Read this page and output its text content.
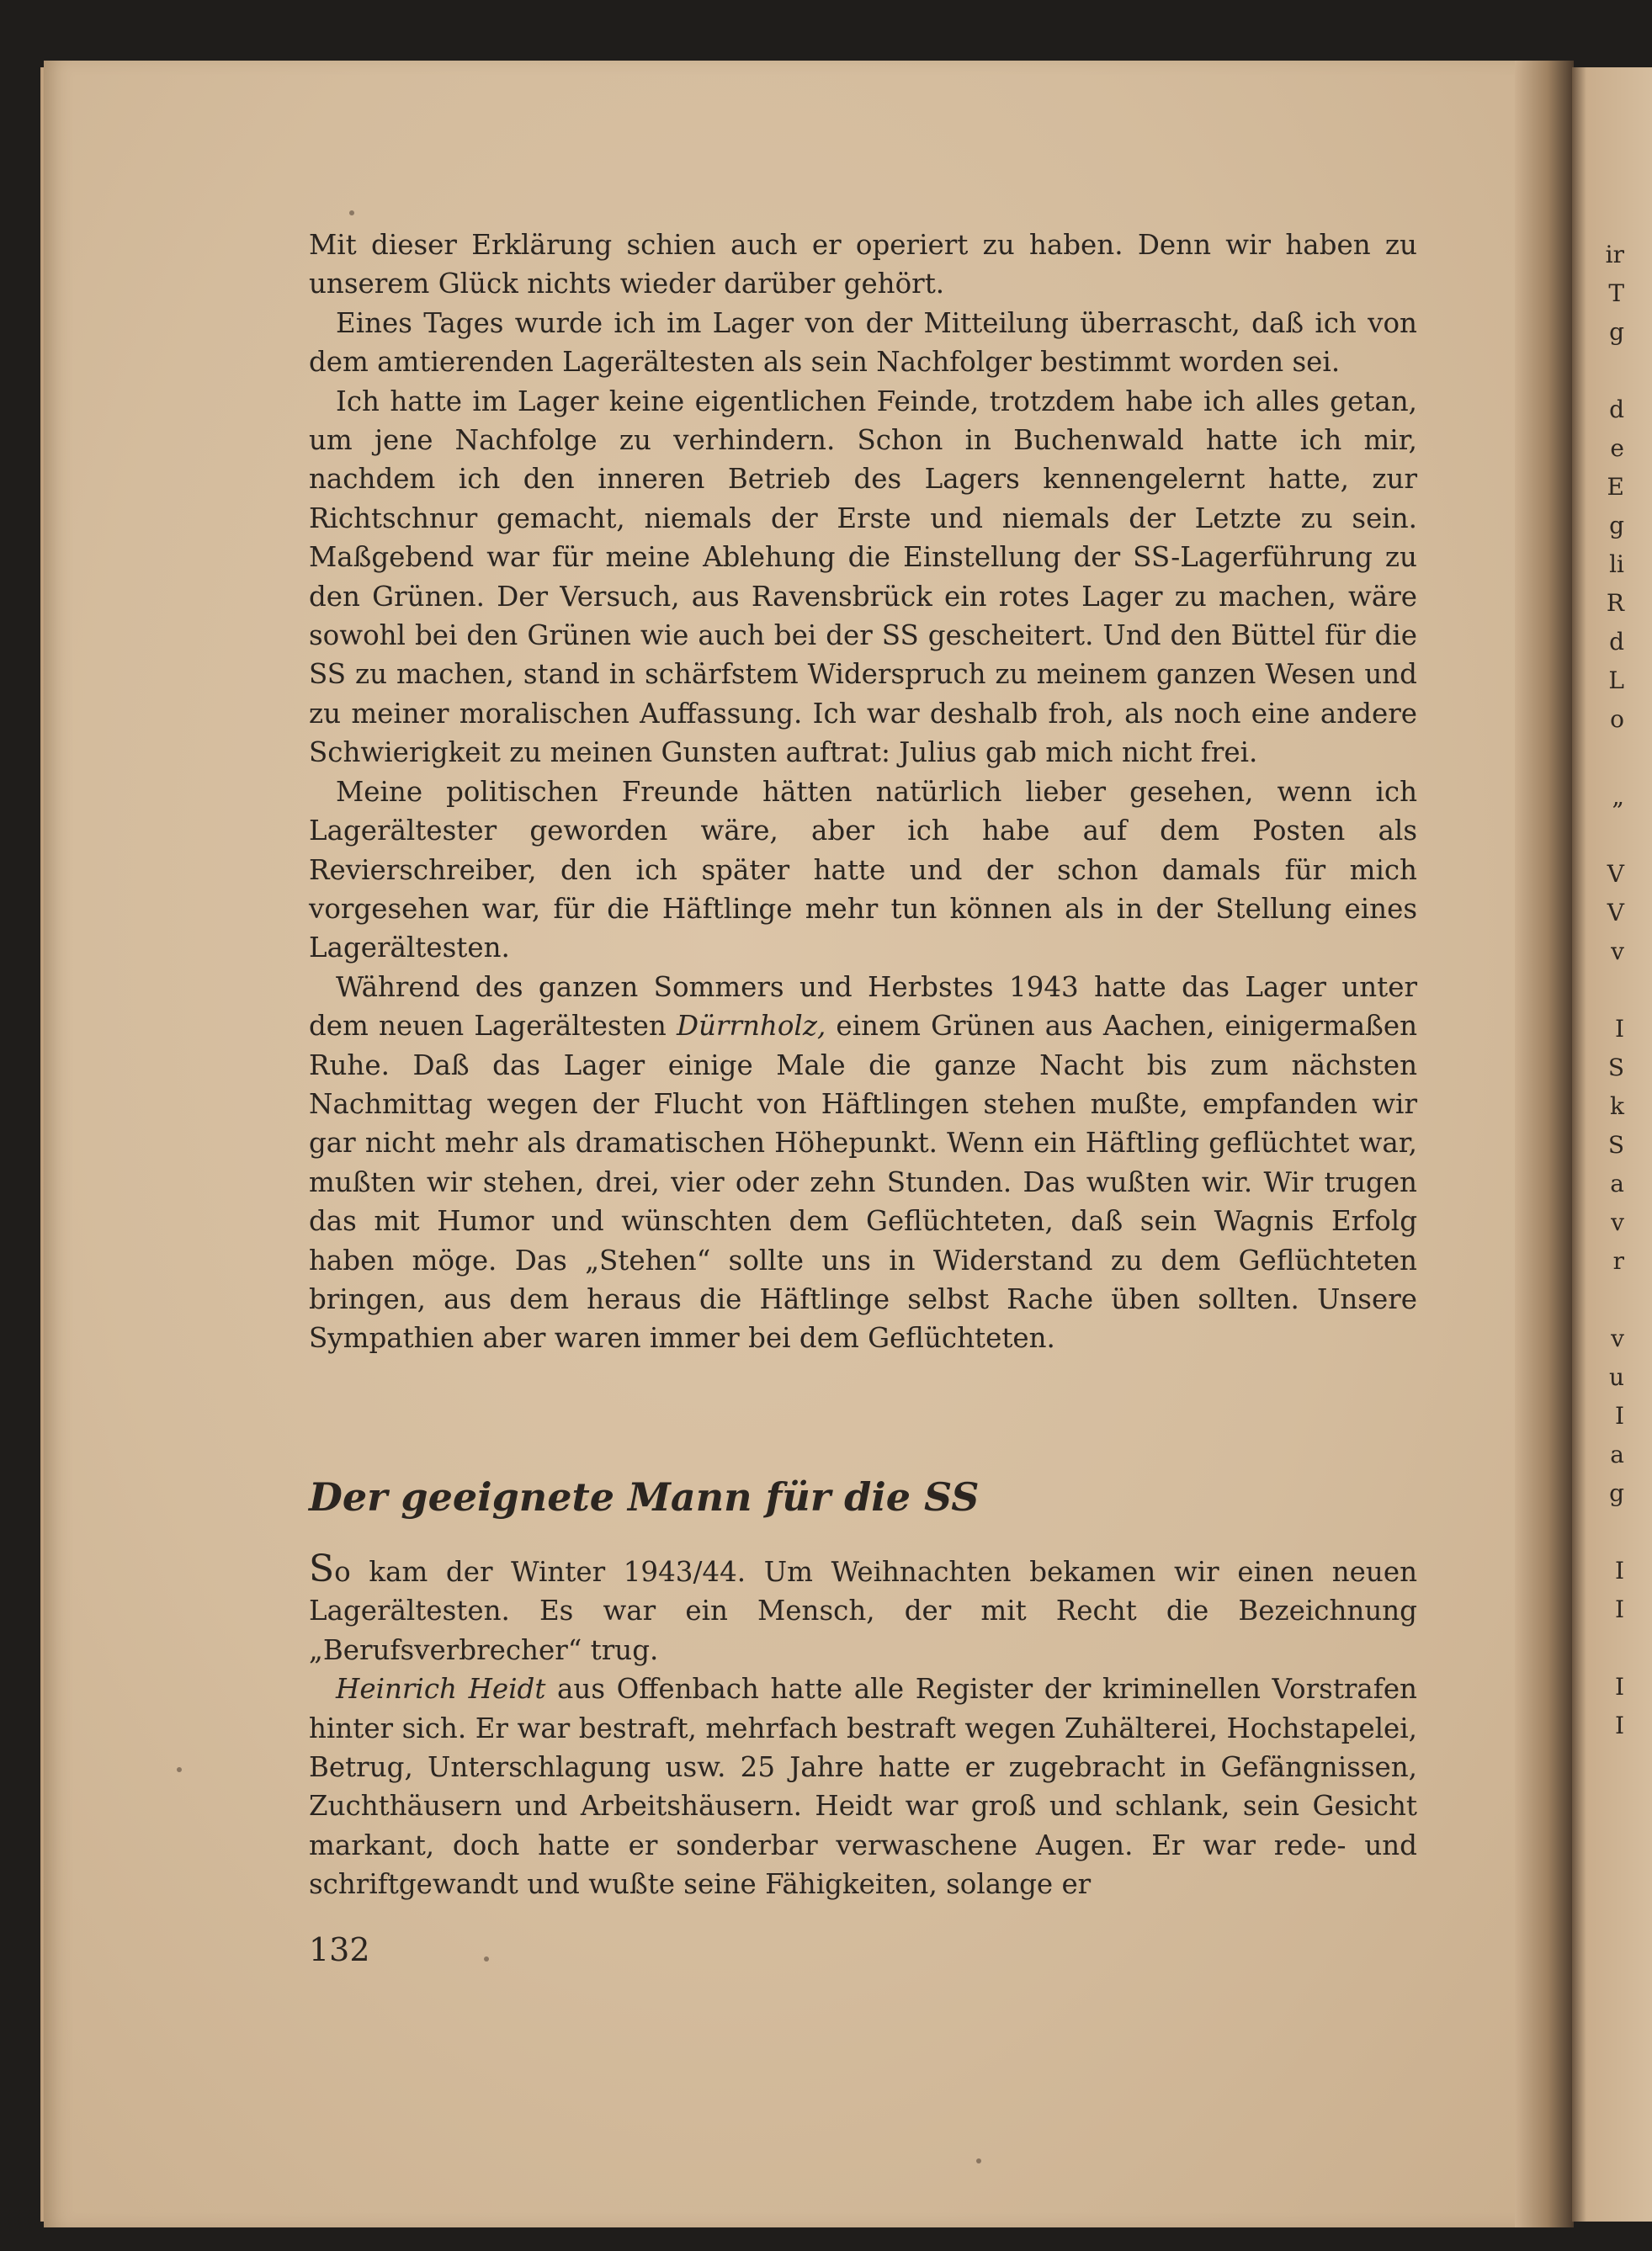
ir
T
g
d
e
E
g
li
R
d
L
o
„
V
V
v
I
S
k
S
a
v
r
v
u
I
a
g
I
I
I
I

Mit dieser Erklärung schien auch er operiert zu haben. Denn wir haben zu unserem Glück nichts wieder darüber gehört.

Eines Tages wurde ich im Lager von der Mitteilung überrascht, daß ich von dem amtierenden Lagerältesten als sein Nachfolger bestimmt worden sei.

Ich hatte im Lager keine eigentlichen Feinde, trotzdem habe ich alles getan, um jene Nachfolge zu verhindern. Schon in Buchenwald hatte ich mir, nachdem ich den inneren Betrieb des Lagers kennengelernt hatte, zur Richtschnur gemacht, niemals der Erste und niemals der Letzte zu sein. Maßgebend war für meine Ablehung die Einstellung der SS-Lagerführung zu den Grünen. Der Versuch, aus Ravensbrück ein rotes Lager zu machen, wäre sowohl bei den Grünen wie auch bei der SS gescheitert. Und den Büttel für die SS zu machen, stand in schärfstem Widerspruch zu meinem ganzen Wesen und zu meiner moralischen Auffassung. Ich war deshalb froh, als noch eine andere Schwierigkeit zu meinen Gunsten auftrat: Julius gab mich nicht frei.

Meine politischen Freunde hätten natürlich lieber gesehen, wenn ich Lagerältester geworden wäre, aber ich habe auf dem Posten als Revierschreiber, den ich später hatte und der schon damals für mich vorgesehen war, für die Häftlinge mehr tun können als in der Stellung eines Lagerältesten.

Während des ganzen Sommers und Herbstes 1943 hatte das Lager unter dem neuen Lagerältesten Dürrnholz, einem Grünen aus Aachen, einigermaßen Ruhe. Daß das Lager einige Male die ganze Nacht bis zum nächsten Nachmittag wegen der Flucht von Häftlingen stehen mußte, empfanden wir gar nicht mehr als dramatischen Höhepunkt. Wenn ein Häftling geflüchtet war, mußten wir stehen, drei, vier oder zehn Stunden. Das wußten wir. Wir trugen das mit Humor und wünschten dem Geflüchteten, daß sein Wagnis Erfolg haben möge. Das „Stehen“ sollte uns in Widerstand zu dem Geflüchteten bringen, aus dem heraus die Häftlinge selbst Rache üben sollten. Unsere Sympathien aber waren immer bei dem Geflüchteten.

Der geeignete Mann für die SS

So kam der Winter 1943/44. Um Weihnachten bekamen wir einen neuen Lagerältesten. Es war ein Mensch, der mit Recht die Bezeichnung „Berufsverbrecher“ trug.

Heinrich Heidt aus Offenbach hatte alle Register der kriminellen Vorstrafen hinter sich. Er war bestraft, mehrfach bestraft wegen Zuhälterei, Hochstapelei, Betrug, Unterschlagung usw. 25 Jahre hatte er zugebracht in Gefängnissen, Zuchthäusern und Arbeitshäusern. Heidt war groß und schlank, sein Gesicht markant, doch hatte er sonderbar verwaschene Augen. Er war rede- und schriftgewandt und wußte seine Fähigkeiten, solange er

132
